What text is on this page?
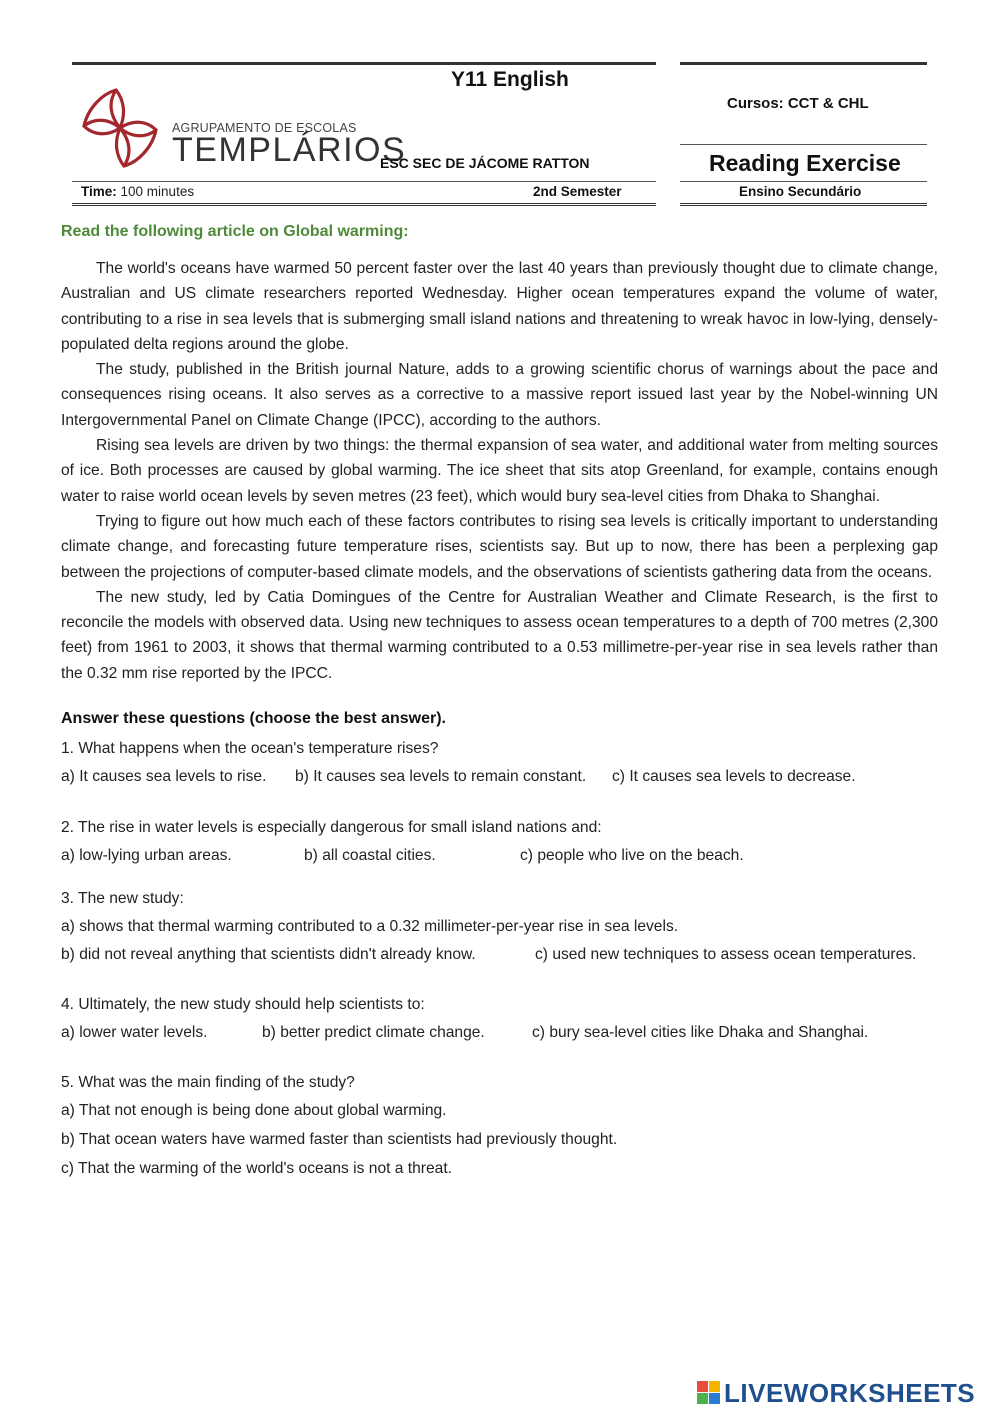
AGRUPAMENTO DE ESCOLAS
TEMPLÁRIOS
Y11 English
Cursos: CCT & CHL
ESC SEC DE JÁCOME RATTON	Reading Exercise
Time: 100 minutes	2nd Semester	Ensino Secundário
Read the following article on Global warming:

The world's oceans have warmed 50 percent faster over the last 40 years than previously thought due to climate change, Australian and US climate researchers reported Wednesday. Higher ocean temperatures expand the volume of water, contributing to a rise in sea levels that is submerging small island nations and threatening to wreak havoc in low-lying, densely-populated delta regions around the globe.

The study, published in the British journal Nature, adds to a growing scientific chorus of warnings about the pace and consequences rising oceans. It also serves as a corrective to a massive report issued last year by the Nobel-winning UN Intergovernmental Panel on Climate Change (IPCC), according to the authors.

Rising sea levels are driven by two things: the thermal expansion of sea water, and additional water from melting sources of ice. Both processes are caused by global warming. The ice sheet that sits atop Greenland, for example, contains enough water to raise world ocean levels by seven metres (23 feet), which would bury sea-level cities from Dhaka to Shanghai.

Trying to figure out how much each of these factors contributes to rising sea levels is critically important to understanding climate change, and forecasting future temperature rises, scientists say. But up to now, there has been a perplexing gap between the projections of computer-based climate models, and the observations of scientists gathering data from the oceans.

The new study, led by Catia Domingues of the Centre for Australian Weather and Climate Research, is the first to reconcile the models with observed data. Using new techniques to assess ocean temperatures to a depth of 700 metres (2,300 feet) from 1961 to 2003, it shows that thermal warming contributed to a 0.53 millimetre-per-year rise in sea levels rather than the 0.32 mm rise reported by the IPCC.

Answer these questions (choose the best answer).
1. What happens when the ocean's temperature rises?
a) It causes sea levels to rise. b) It causes sea levels to remain constant. c) It causes sea levels to decrease.
2. The rise in water levels is especially dangerous for small island nations and:
a) low-lying urban areas.	b) all coastal cities.	c) people who live on the beach.
3. The new study:
a) shows that thermal warming contributed to a 0.32 millimeter-per-year rise in sea levels.
b) did not reveal anything that scientists didn't already know.	c) used new techniques to assess ocean temperatures.
4. Ultimately, the new study should help scientists to:
a) lower water levels.	b) better predict climate change.	c) bury sea-level cities like Dhaka and Shanghai.
5. What was the main finding of the study?
a) That not enough is being done about global warming.
b) That ocean waters have warmed faster than scientists had previously thought.
c) That the warming of the world's oceans is not a threat.
LIVEWORKSHEETS
